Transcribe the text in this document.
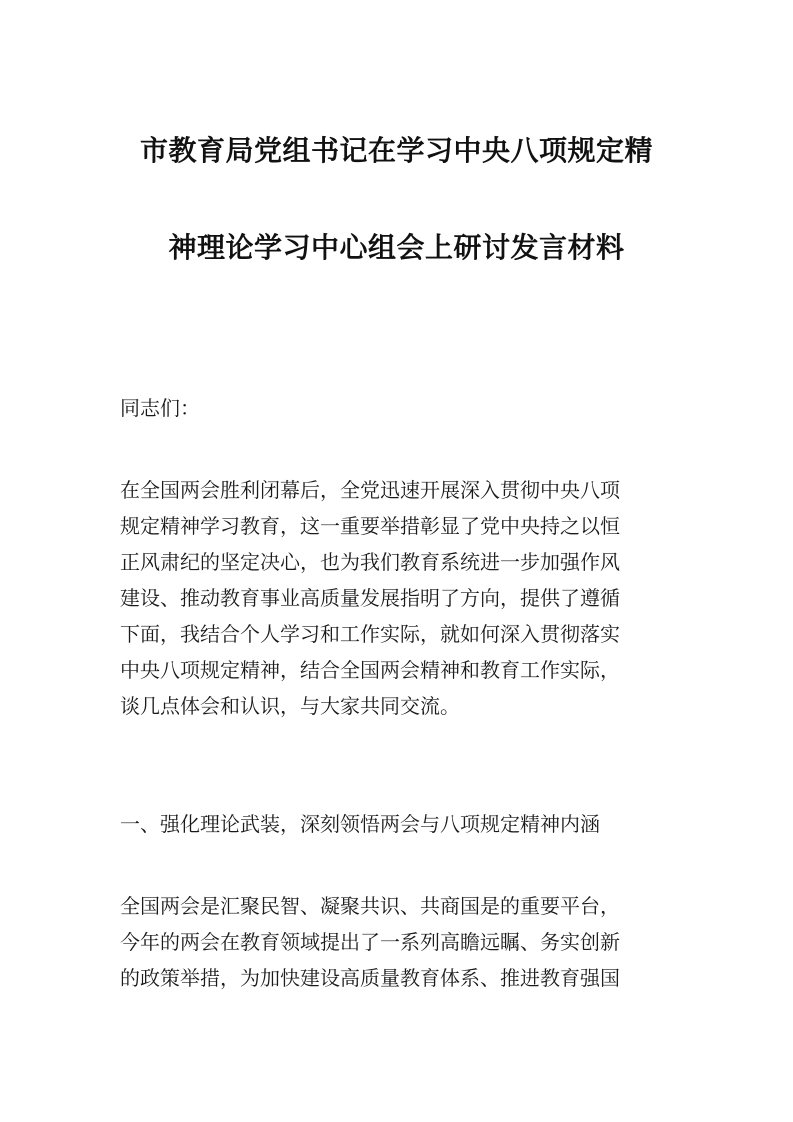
市教育局党组书记在学习中央八项规定精
神理论学习中心组会上研讨发言材料
同志们：
在全国两会胜利闭幕后，全党迅速开展深入贯彻中央八项
规定精神学习教育，这一重要举措彰显了党中央持之以恒
正风肃纪的坚定决心，也为我们教育系统进一步加强作风
建设、推动教育事业高质量发展指明了方向，提供了遵循
下面，我结合个人学习和工作实际，就如何深入贯彻落实
中央八项规定精神，结合全国两会精神和教育工作实际，
谈几点体会和认识，与大家共同交流。
一、强化理论武装，深刻领悟两会与八项规定精神内涵
全国两会是汇聚民智、凝聚共识、共商国是的重要平台，
今年的两会在教育领域提出了一系列高瞻远瞩、务实创新
的政策举措，为加快建设高质量教育体系、推进教育强国
